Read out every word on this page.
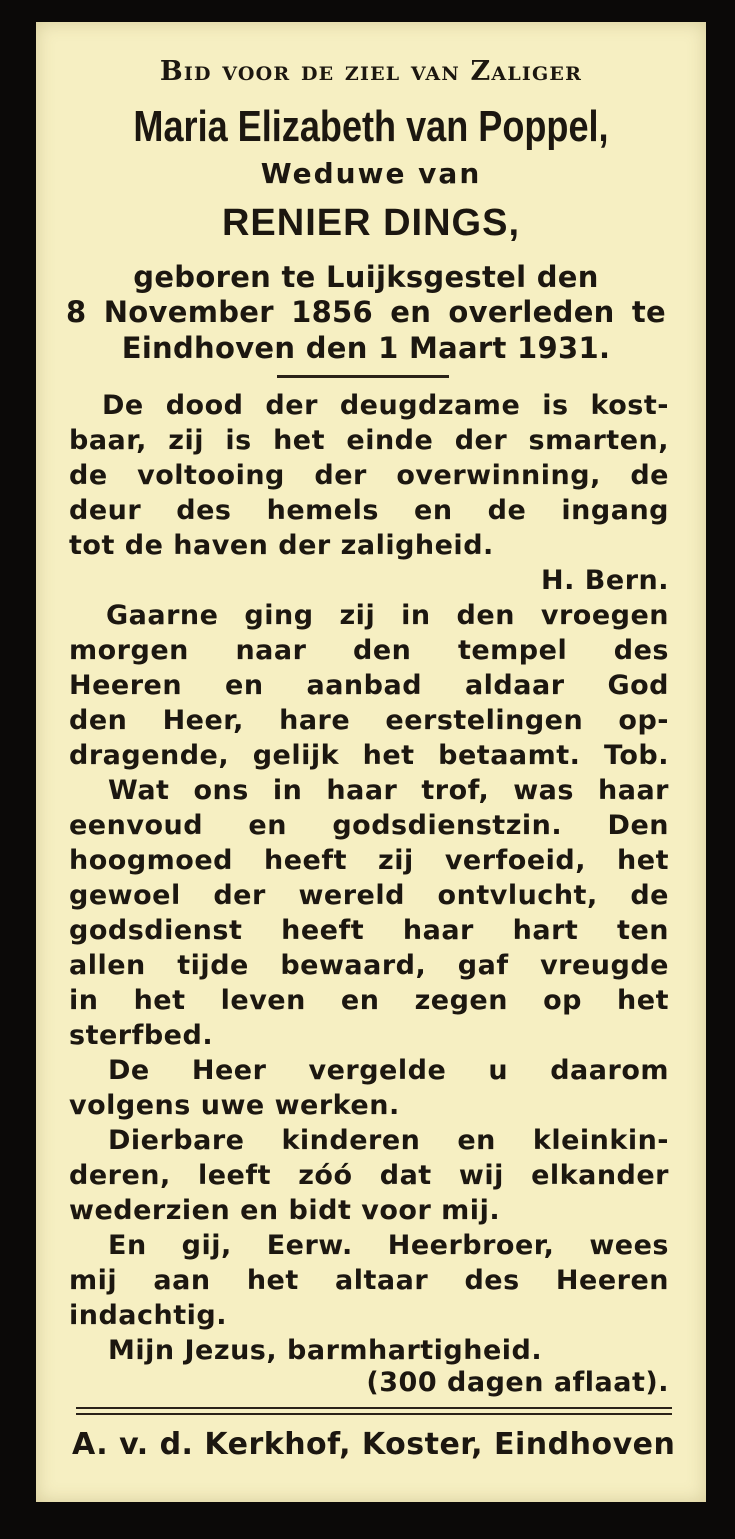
Bid voor de ziel van Zaliger

Maria Elizabeth van Poppel,

Weduwe van

RENIER DINGS,

geboren te Luijksgestel den

8 November 1856 en overleden te

Eindhoven den 1 Maart 1931.

De dood der deugdzame is kost-

baar, zij is het einde der smarten,

de voltooing der overwinning, de

deur des hemels en de ingang

tot de haven der zaligheid.

H. Bern.

Gaarne ging zij in den vroegen

morgen naar den tempel des

Heeren en aanbad aldaar God

den Heer, hare eerstelingen op-

dragende, gelijk het betaamt. Tob.

Wat ons in haar trof, was haar

eenvoud en godsdienstzin. Den

hoogmoed heeft zij verfoeid, het

gewoel der wereld ontvlucht, de

godsdienst heeft haar hart ten

allen tijde bewaard, gaf vreugde

in het leven en zegen op het

sterfbed.

De Heer vergelde u daarom

volgens uwe werken.

Dierbare kinderen en kleinkin-

deren, leeft zóó dat wij elkander

wederzien en bidt voor mij.

En gij, Eerw. Heerbroer, wees

mij aan het altaar des Heeren

indachtig.

Mijn Jezus, barmhartigheid.

(300 dagen aflaat).

A. v. d. Kerkhof, Koster, Eindhoven
